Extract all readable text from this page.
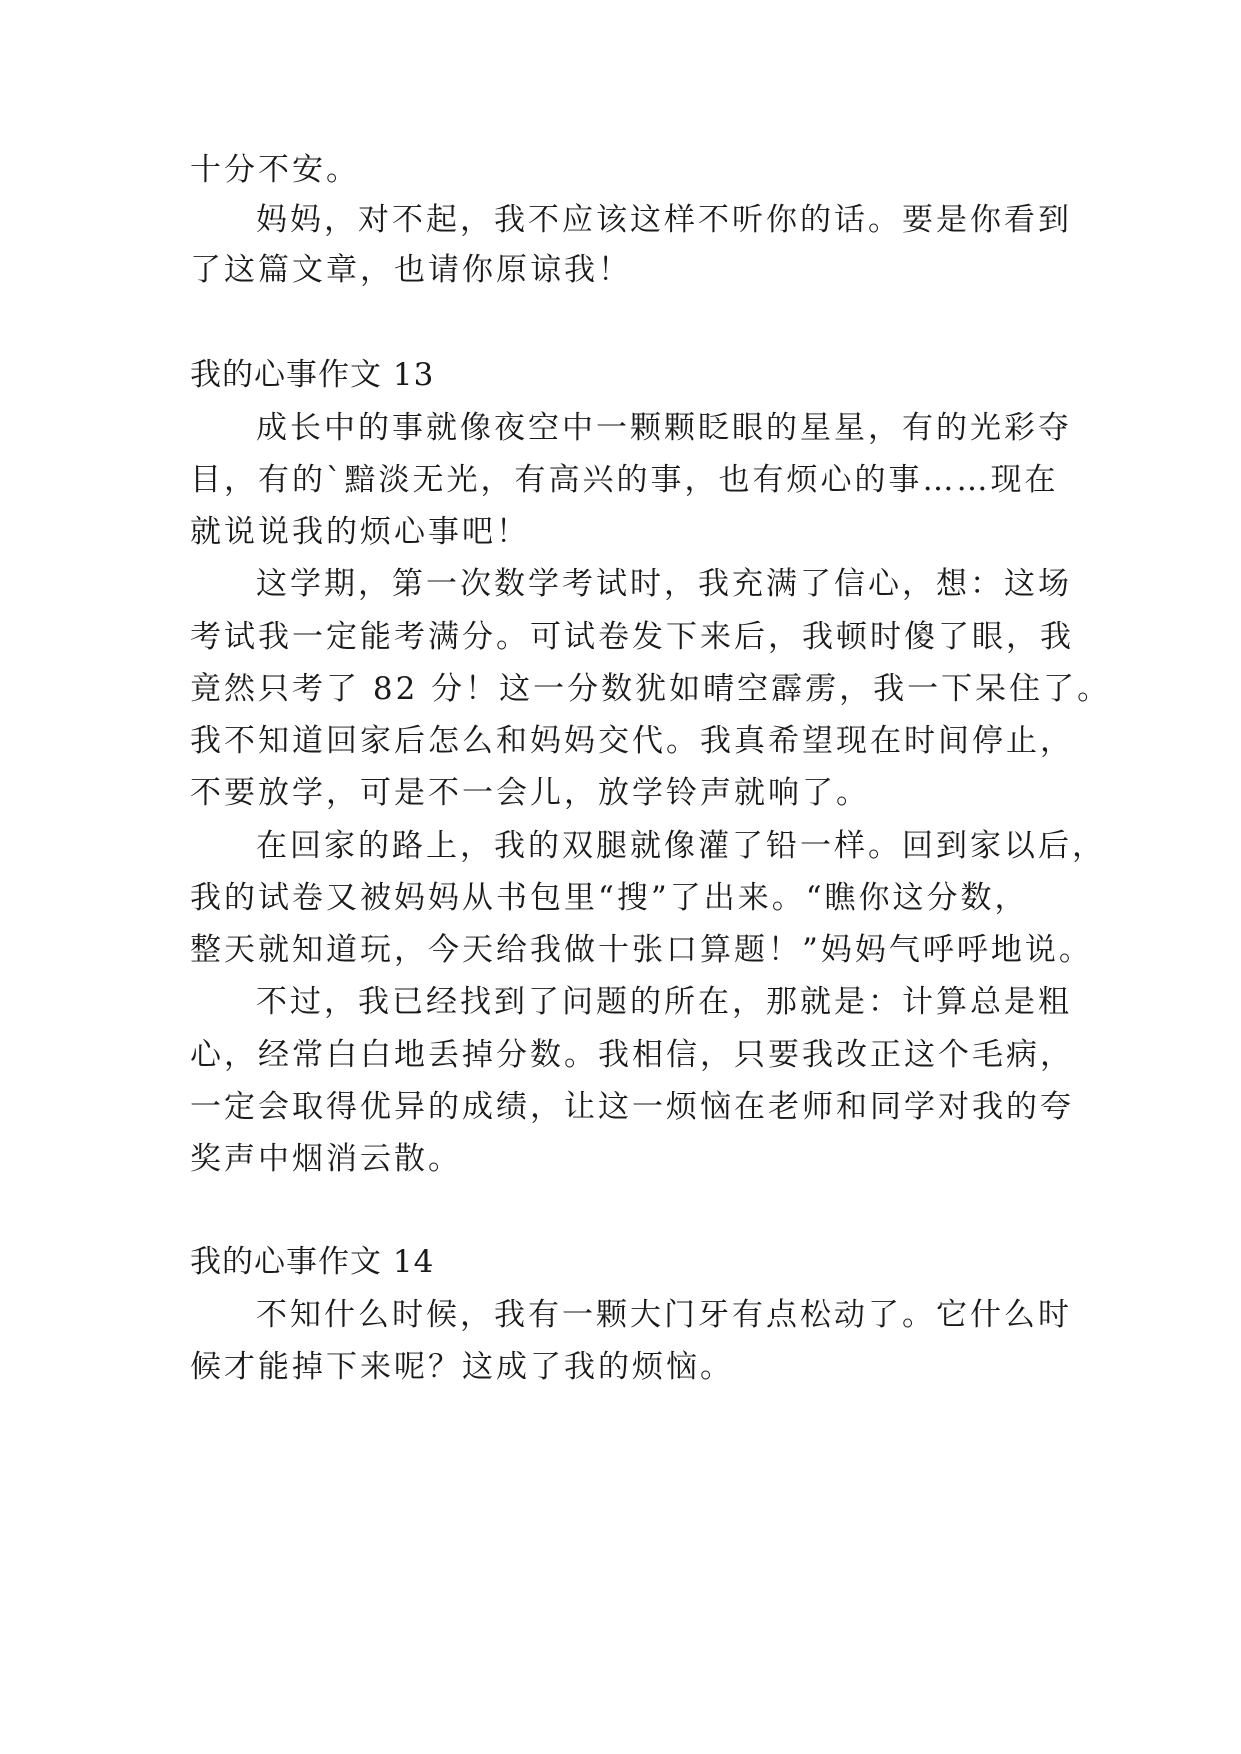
十分不安。
妈妈，对不起，我不应该这样不听你的话。要是你看到
了这篇文章，也请你原谅我！
我的心事作文 13
成长中的事就像夜空中一颗颗眨眼的星星，有的光彩夺
目，有的`黯淡无光，有高兴的事，也有烦心的事……现在
就说说我的烦心事吧！
这学期，第一次数学考试时，我充满了信心，想：这场
考试我一定能考满分。可试卷发下来后，我顿时傻了眼，我
竟然只考了 82 分！这一分数犹如晴空霹雳，我一下呆住了。
我不知道回家后怎么和妈妈交代。我真希望现在时间停止，
不要放学，可是不一会儿，放学铃声就响了。
在回家的路上，我的双腿就像灌了铅一样。回到家以后，
我的试卷又被妈妈从书包里“搜”了出来。“瞧你这分数，
整天就知道玩，今天给我做十张口算题！”妈妈气呼呼地说。
不过，我已经找到了问题的所在，那就是：计算总是粗
心，经常白白地丢掉分数。我相信，只要我改正这个毛病，
一定会取得优异的成绩，让这一烦恼在老师和同学对我的夸
奖声中烟消云散。
我的心事作文 14
不知什么时候，我有一颗大门牙有点松动了。它什么时
候才能掉下来呢？这成了我的烦恼。
